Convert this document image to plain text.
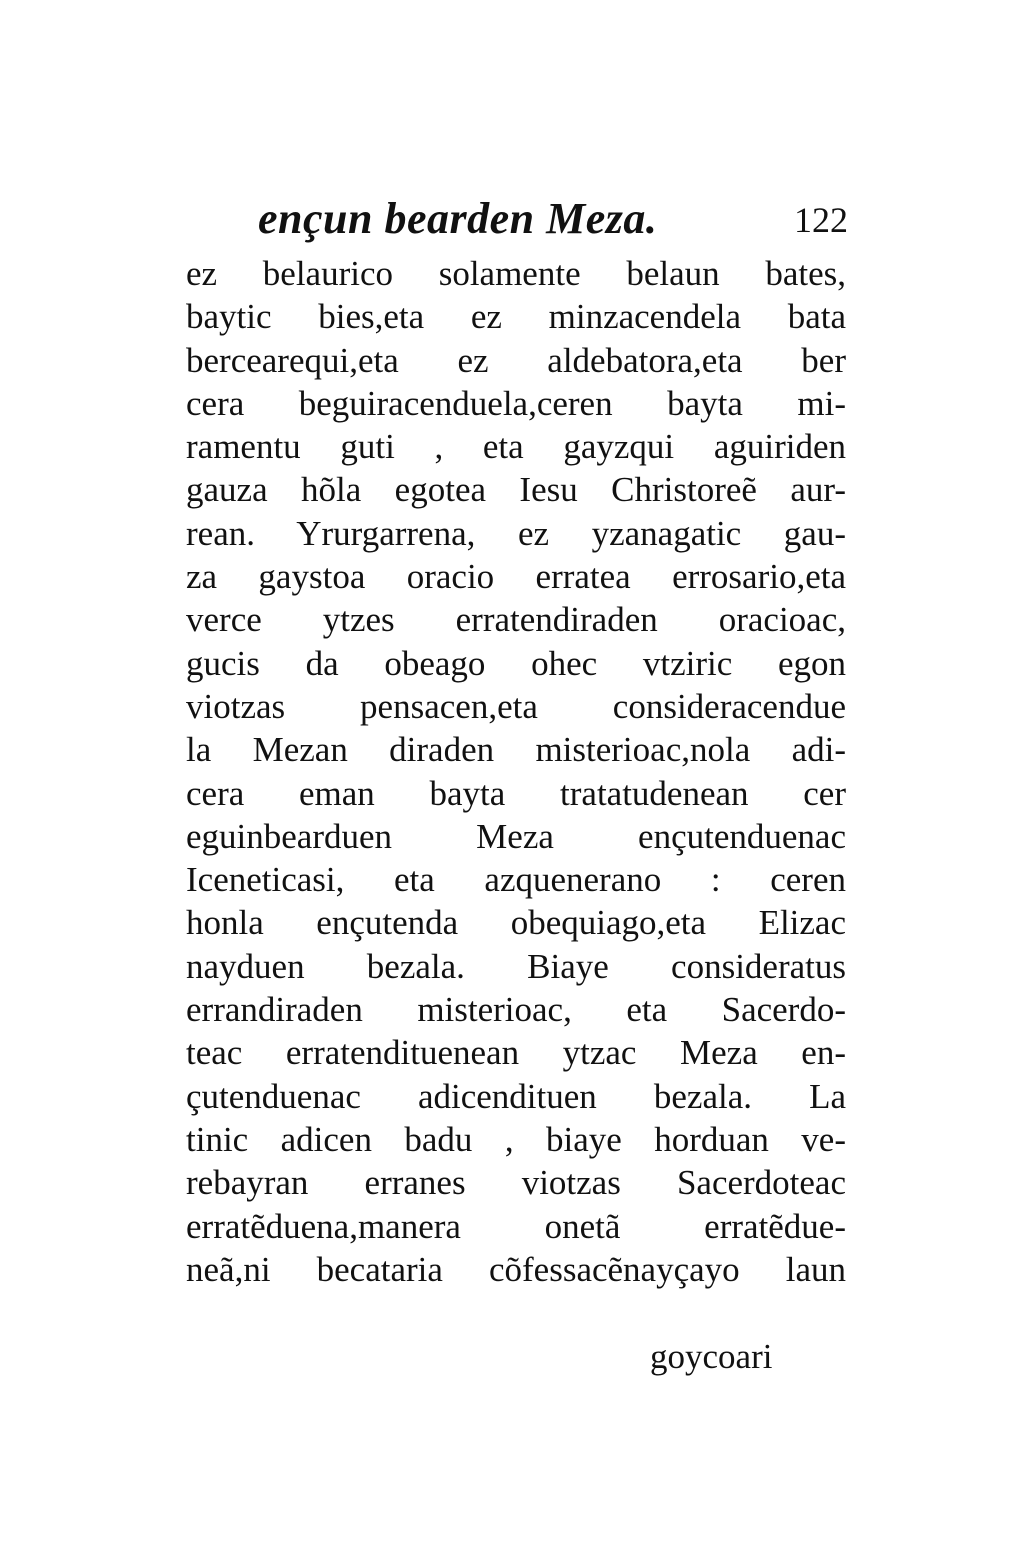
ençun bearden Meza.	122
ez belaurico solamente belaun bates,
baytic bies,eta ez minzacendela bata
bercearequi,eta ez aldebatora,eta ber
cera beguiracenduela,ceren bayta mi-
ramentu guti , eta gayzqui aguiriden
gauza hõla egotea Iesu Christoreẽ aur-
rean. Yrurgarrena, ez yzanagatic gau-
za gaystoa oracio erratea errosario,eta
verce ytzes erratendiraden oracioac,
gucis da obeago ohec vtziric egon
viotzas pensacen,eta consideracendue
la Mezan diraden misterioac,nola adi-
cera eman bayta tratatudenean cer
eguinbearduen Meza ençutenduenac
Iceneticasi, eta azquenerano : ceren
honla ençutenda obequiago,eta Elizac
nayduen bezala. Biaye consideratus
errandiraden misterioac, eta Sacerdo-
teac erratendituenean ytzac Meza en-
çutenduenac adicendituen bezala. La
tinic adicen badu , biaye horduan ve-
rebayran erranes viotzas Sacerdoteac
erratẽduena,manera onetã erratẽdue-
neã,ni becataria cõfessacẽnayçayo laun
goycoari
